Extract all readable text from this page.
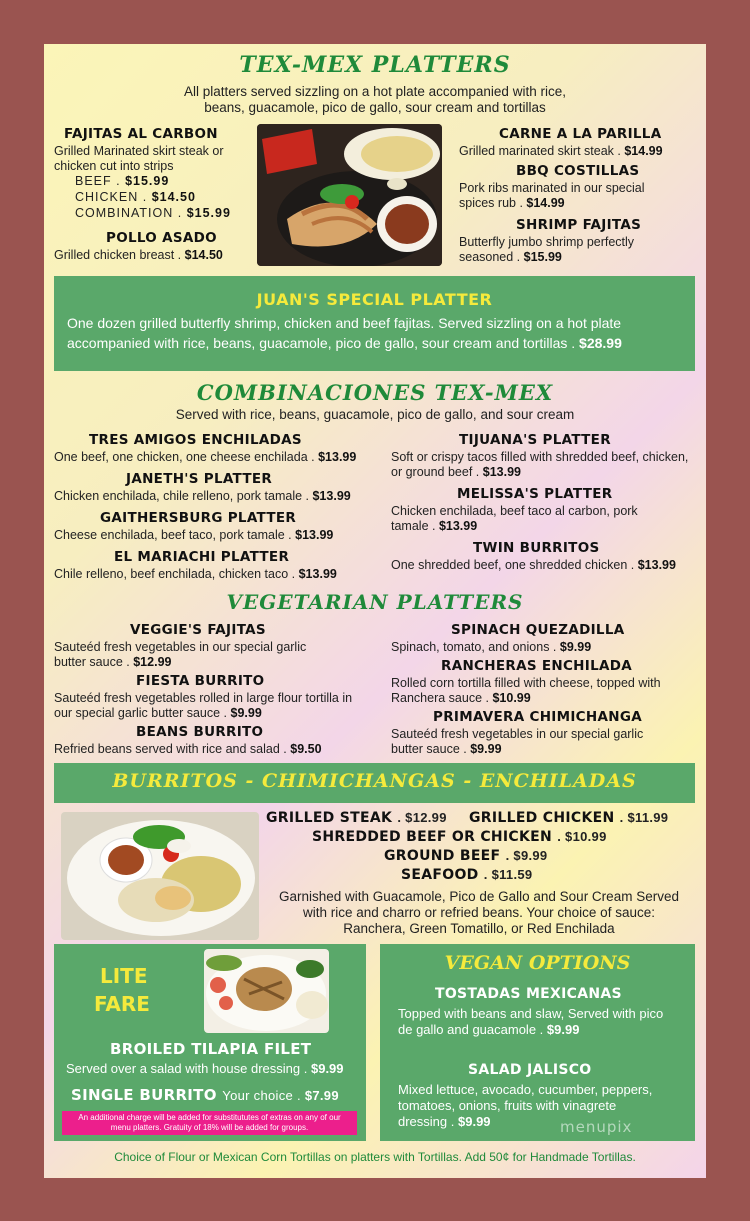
TEX-MEX PLATTERS
All platters served sizzling on a hot plate accompanied with rice,
beans, guacamole, pico de gallo, sour cream and tortillas
FAJITAS AL CARBON
Grilled Marinated skirt steak or
chicken cut into strips
BEEF . $15.99
CHICKEN . $14.50
COMBINATION . $15.99
POLLO ASADO
Grilled chicken breast . $14.50
CARNE A LA PARILLA
Grilled marinated skirt steak . $14.99
BBQ COSTILLAS
Pork ribs marinated in our special
spices rub . $14.99
SHRIMP FAJITAS
Butterfly jumbo shrimp perfectly
seasoned . $15.99
JUAN'S SPECIAL PLATTER
One dozen grilled butterfly shrimp, chicken and beef fajitas. Served sizzling on a hot plate
accompanied with rice, beans, guacamole, pico de gallo, sour cream and tortillas . $28.99
COMBINACIONES TEX-MEX
Served with rice, beans, guacamole, pico de gallo, and sour cream
TRES AMIGOS ENCHILADAS
One beef, one chicken, one cheese enchilada . $13.99
JANETH'S PLATTER
Chicken enchilada, chile relleno, pork tamale . $13.99
GAITHERSBURG PLATTER
Cheese enchilada, beef taco, pork tamale . $13.99
EL MARIACHI PLATTER
Chile relleno, beef enchilada, chicken taco . $13.99
TIJUANA'S PLATTER
Soft or crispy tacos filled with shredded beef, chicken,
or ground beef . $13.99
MELISSA'S PLATTER
Chicken enchilada, beef taco al carbon, pork
tamale . $13.99
TWIN BURRITOS
One shredded beef, one shredded chicken . $13.99
VEGETARIAN PLATTERS
VEGGIE'S FAJITAS
Sauteéd fresh vegetables in our special garlic
butter sauce . $12.99
FIESTA BURRITO
Sauteéd fresh vegetables rolled in large flour tortilla in
our special garlic butter sauce . $9.99
BEANS BURRITO
Refried beans served with rice and salad . $9.50
SPINACH QUEZADILLA
Spinach, tomato, and onions . $9.99
RANCHERAS ENCHILADA
Rolled corn tortilla filled with cheese, topped with
Ranchera sauce . $10.99
PRIMAVERA CHIMICHANGA
Sauteéd fresh vegetables in our special garlic
butter sauce . $9.99
BURRITOS - CHIMICHANGAS - ENCHILADAS
GRILLED STEAK . $12.99 GRILLED CHICKEN . $11.99
SHREDDED BEEF OR CHICKEN . $10.99
GROUND BEEF . $9.99
SEAFOOD . $11.59
Garnished with Guacamole, Pico de Gallo and Sour Cream Served
with rice and charro or refried beans. Your choice of sauce:
Ranchera, Green Tomatillo, or Red Enchilada
LITE
FARE
BROILED TILAPIA FILET
Served over a salad with house dressing . $9.99
SINGLE BURRITO Your choice . $7.99
An additional charge will be added for substitututes of extras on any of our
menu platters. Gratuity of 18% will be added for groups.
VEGAN OPTIONS
TOSTADAS MEXICANAS
Topped with beans and slaw, Served with pico
de gallo and guacamole . $9.99
SALAD JALISCO
Mixed lettuce, avocado, cucumber, peppers,
tomatoes, onions, fruits with vinagrete
dressing . $9.99	menupix
Choice of Flour or Mexican Corn Tortillas on platters with Tortillas. Add 50¢ for Handmade Tortillas.
